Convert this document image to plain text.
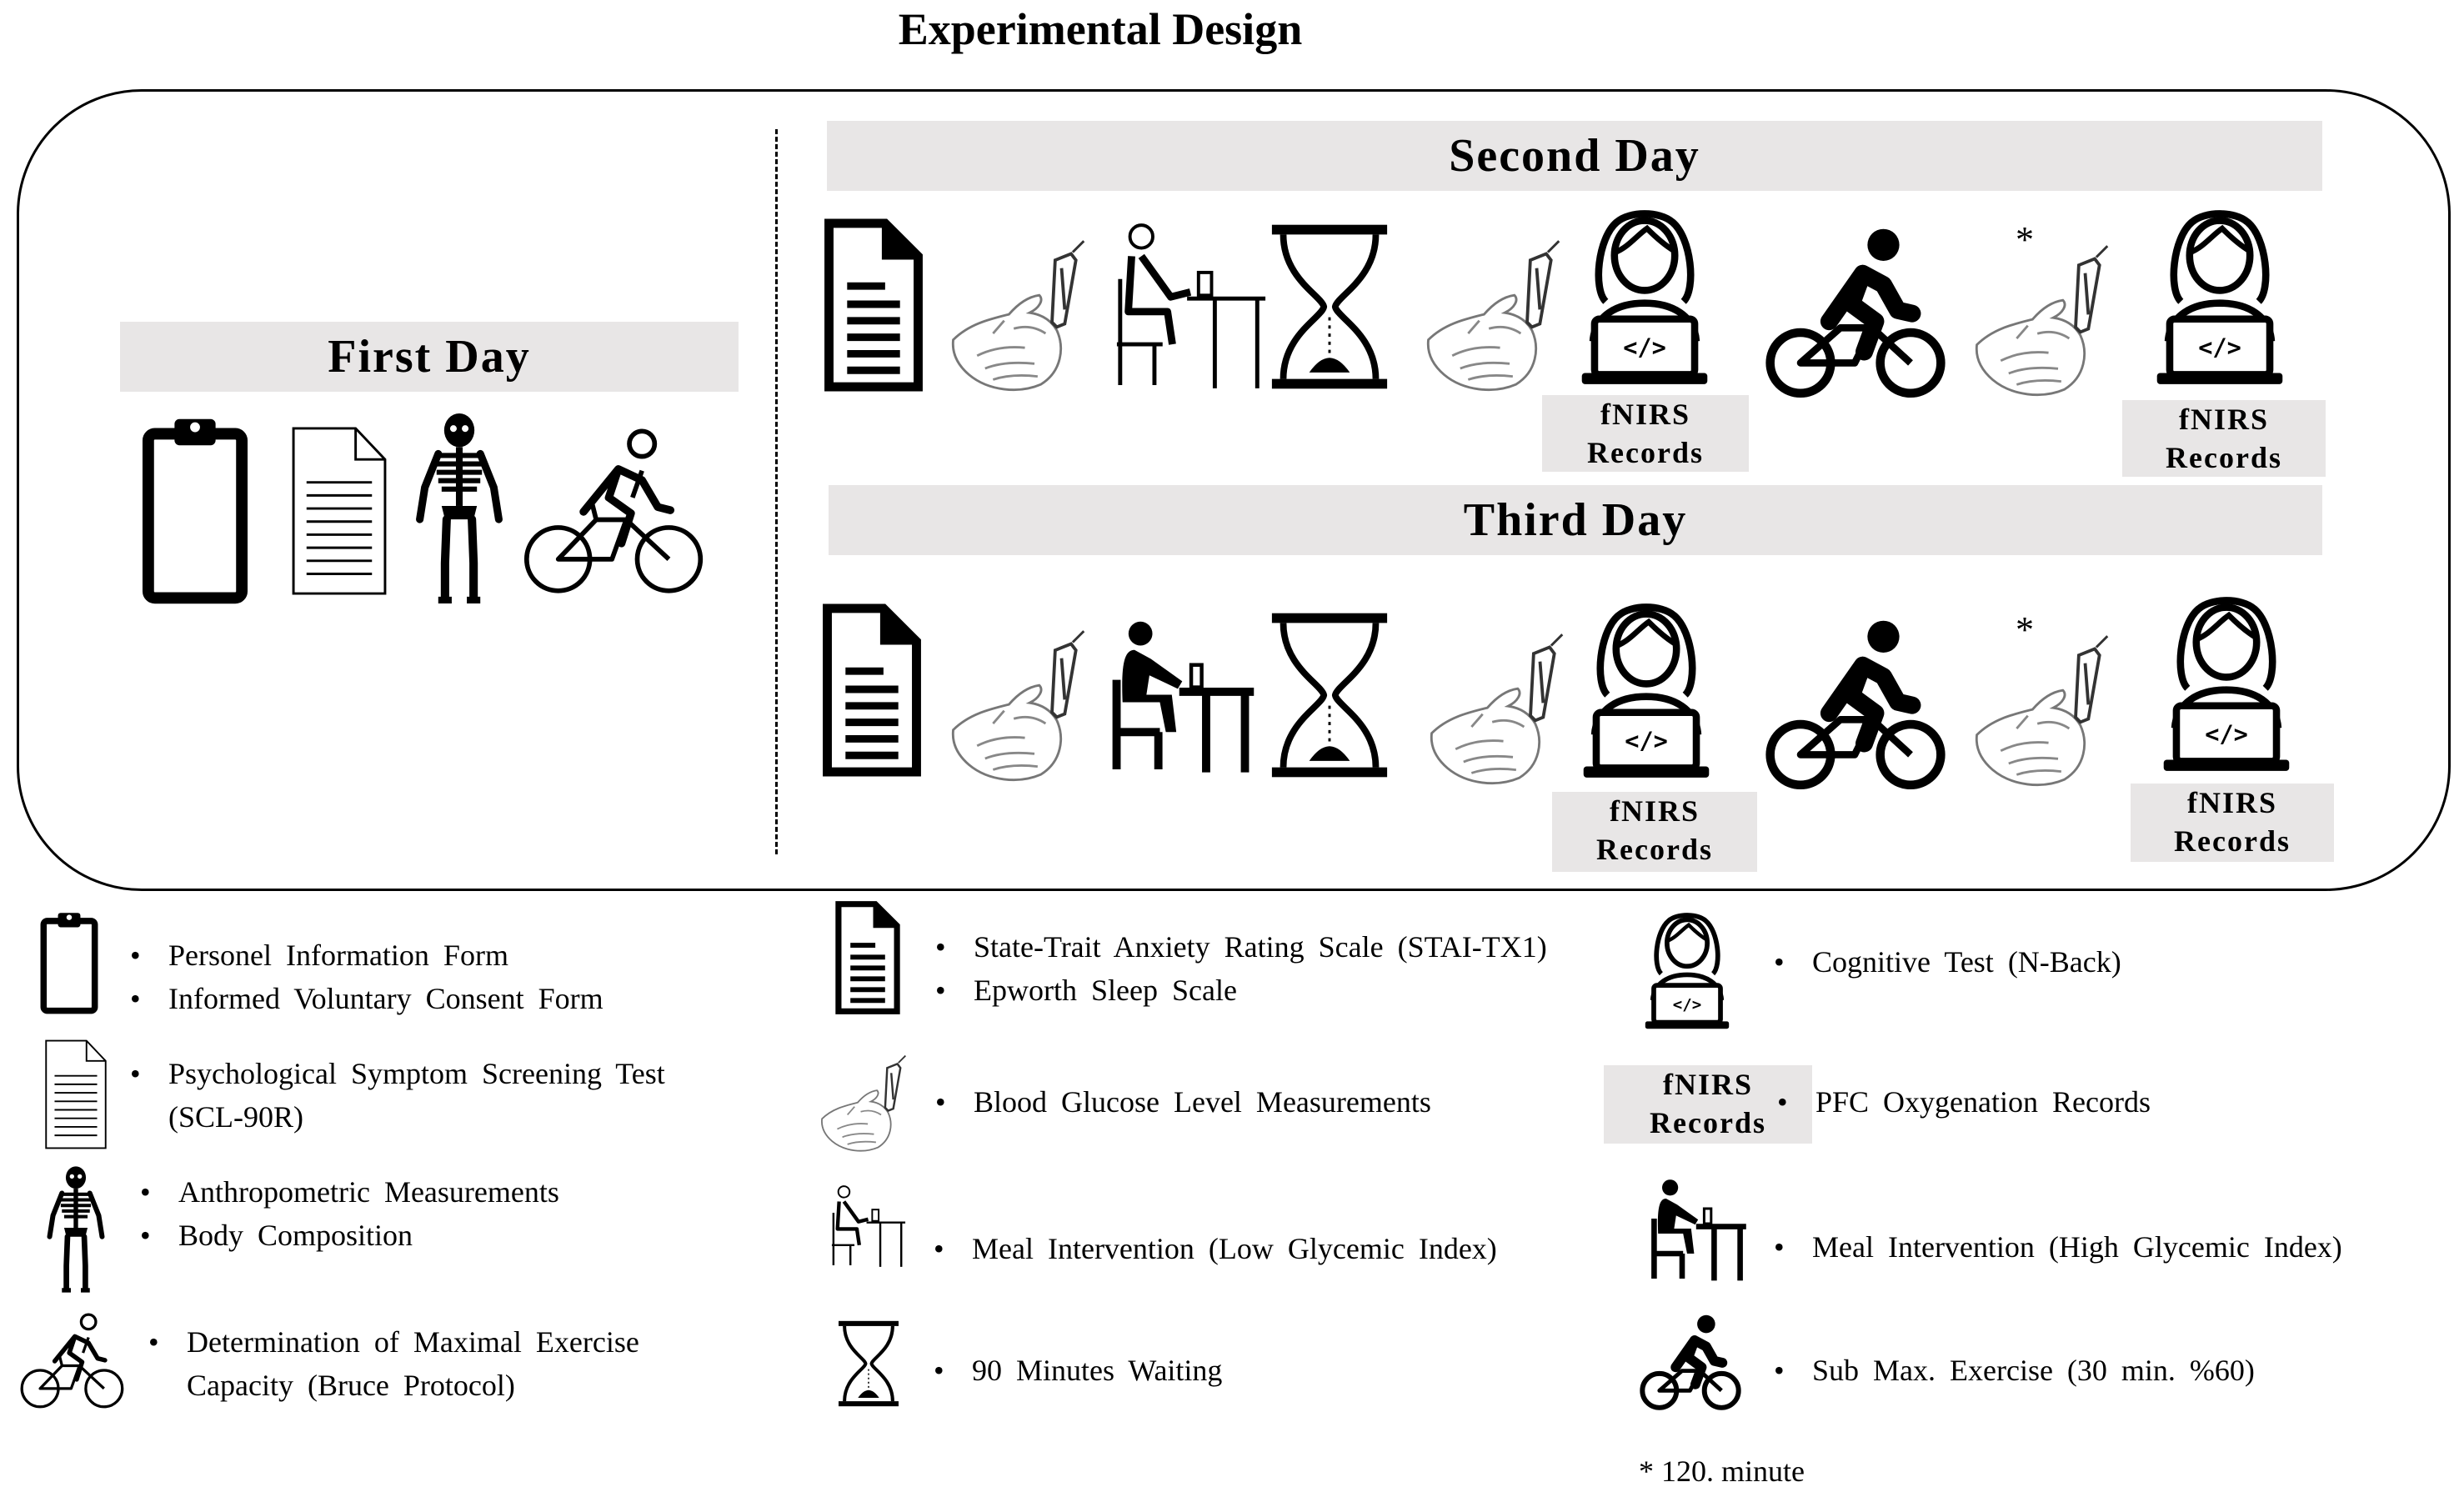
Experimental Design
First Day
Second Day
fNIRS
Records
*
fNIRS
Records
Third Day
fNIRS
Records
*
fNIRS
Records
• Personel Information Form
• Informed Voluntary Consent Form
• Psychological Symptom Screening Test
(SCL-90R)
• Anthropometric Measurements
• Body Composition
• Determination of Maximal Exercise
Capacity (Bruce Protocol)
• State-Trait Anxiety Rating Scale (STAI-TX1)
• Epworth Sleep Scale
• Blood Glucose Level Measurements
• Meal Intervention (Low Glycemic Index)
• 90 Minutes Waiting
• Cognitive Test (N-Back)
fNIRS
Records
• PFC Oxygenation Records
• Meal Intervention (High Glycemic Index)
• Sub Max. Exercise (30 min. %60)
* 120. minute
